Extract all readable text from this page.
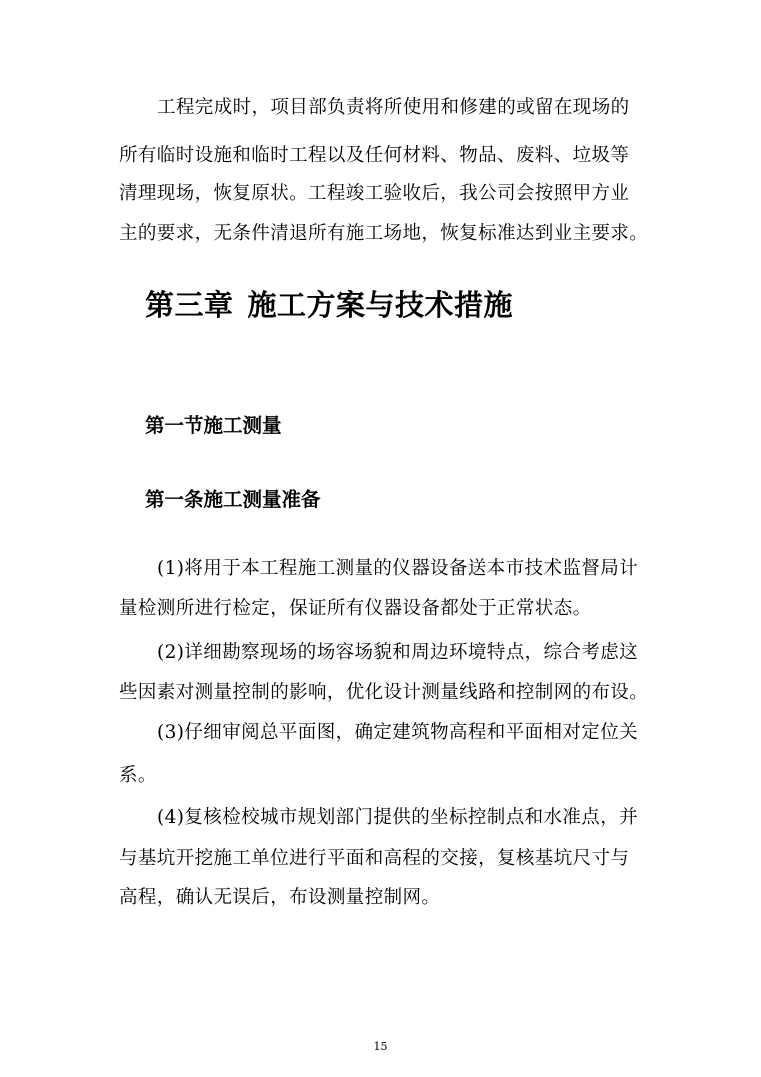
工程完成时，项目部负责将所使用和修建的或留在现场的
所有临时设施和临时工程以及任何材料、物品、废料、垃圾等
清理现场，恢复原状。工程竣工验收后，我公司会按照甲方业
主的要求，无条件清退所有施工场地，恢复标准达到业主要求。
第三章 施工方案与技术措施
第一节施工测量
第一条施工测量准备
(1)将用于本工程施工测量的仪器设备送本市技术监督局计
量检测所进行检定，保证所有仪器设备都处于正常状态。
(2)详细勘察现场的场容场貌和周边环境特点，综合考虑这
些因素对测量控制的影响，优化设计测量线路和控制网的布设。
(3)仔细审阅总平面图，确定建筑物高程和平面相对定位关
系。
(4)复核检校城市规划部门提供的坐标控制点和水准点，并
与基坑开挖施工单位进行平面和高程的交接，复核基坑尺寸与
高程，确认无误后，布设测量控制网。
15
